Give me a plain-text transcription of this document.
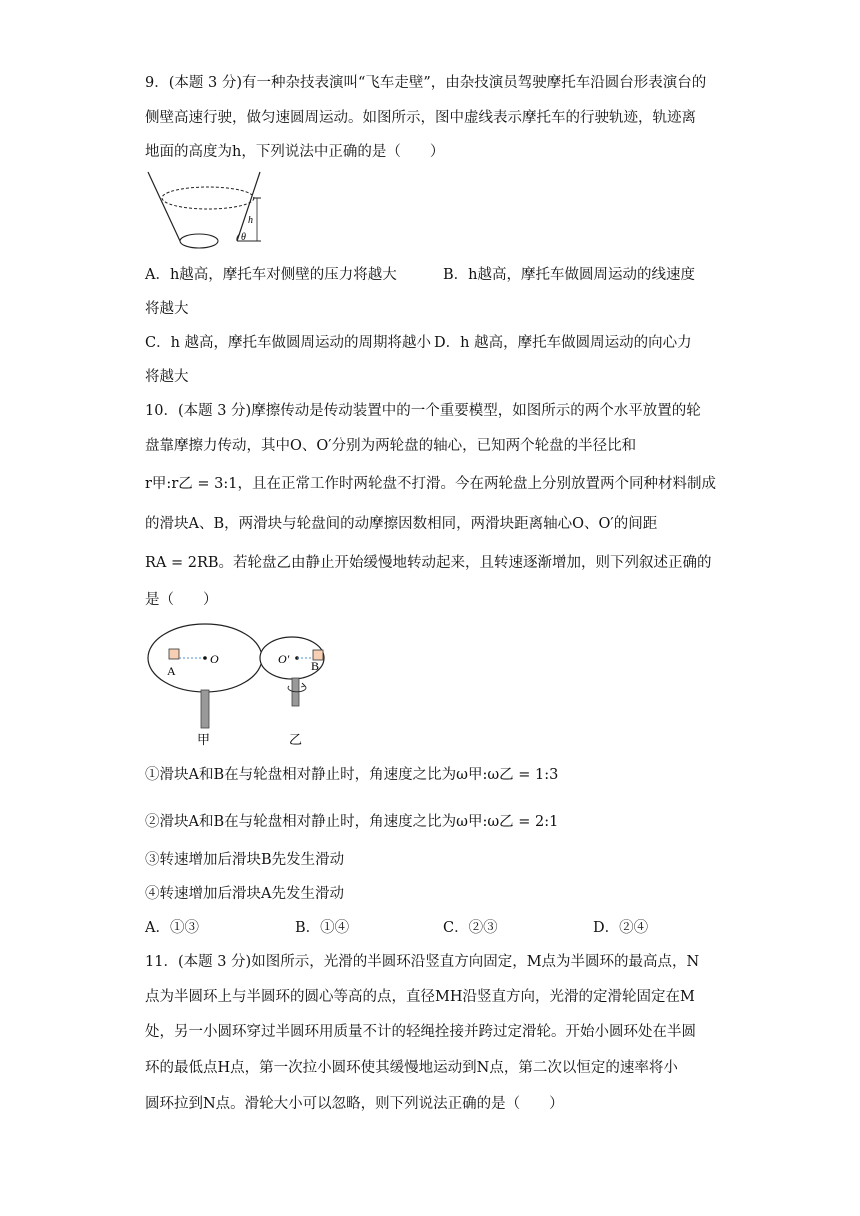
9．(本题 3 分)有一种杂技表演叫“飞车走壁”，由杂技演员驾驶摩托车沿圆台形表演台的
侧壁高速行驶，做匀速圆周运动。如图所示，图中虚线表示摩托车的行驶轨迹，轨迹离
地面的高度为h，下列说法中正确的是（　　）
h
θ
A．h越高，摩托车对侧壁的压力将越大	B．h越高，摩托车做圆周运动的线速度
将越大
C．h 越高，摩托车做圆周运动的周期将越小 D．h 越高，摩托车做圆周运动的向心力
将越大
10．(本题 3 分)摩擦传动是传动装置中的一个重要模型，如图所示的两个水平放置的轮
盘靠摩擦力传动，其中O、O′分别为两轮盘的轴心，已知两个轮盘的半径比和
r甲:r乙 = 3:1，且在正常工作时两轮盘不打滑。今在两轮盘上分别放置两个同种材料制成
的滑块A、B，两滑块与轮盘间的动摩擦因数相同，两滑块距离轴心O、O′的间距
RA = 2RB。若轮盘乙由静止开始缓慢地转动起来，且转速逐渐增加，则下列叙述正确的
是（　　）
A
O	O′ B
甲	乙
①滑块A和B在与轮盘相对静止时，角速度之比为ω甲:ω乙 = 1:3
②滑块A和B在与轮盘相对静止时，角速度之比为ω甲:ω乙 = 2:1
③转速增加后滑块B先发生滑动
④转速增加后滑块A先发生滑动
A．①③	B．①④	C．②③	D．②④
11．(本题 3 分)如图所示，光滑的半圆环沿竖直方向固定，M点为半圆环的最高点，N
点为半圆环上与半圆环的圆心等高的点，直径MH沿竖直方向，光滑的定滑轮固定在M
处，另一小圆环穿过半圆环用质量不计的轻绳拴接并跨过定滑轮。开始小圆环处在半圆
环的最低点H点，第一次拉小圆环使其缓慢地运动到N点，第二次以恒定的速率将小
圆环拉到N点。滑轮大小可以忽略，则下列说法正确的是（　　）
